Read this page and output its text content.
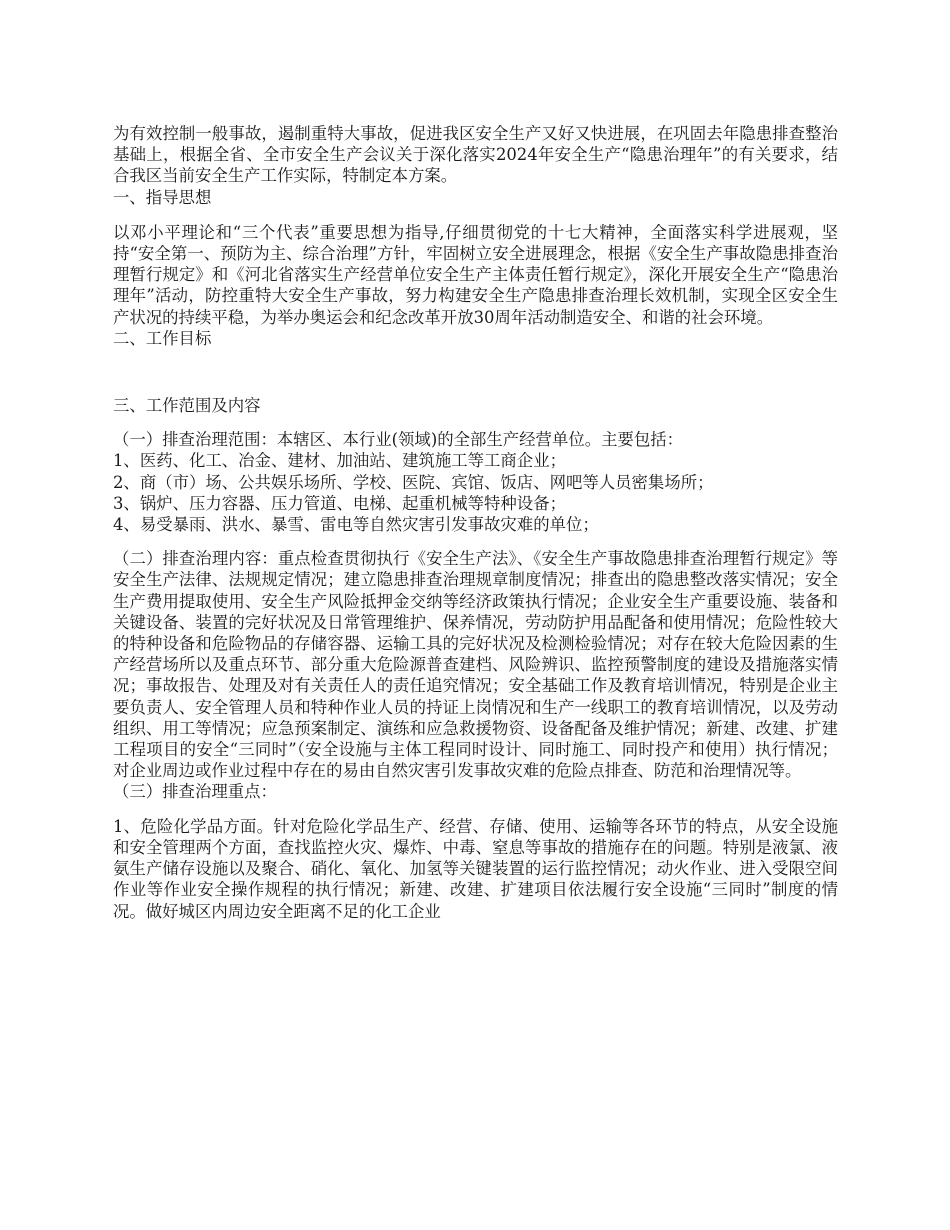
为有效控制一般事故，遏制重特大事故，促进我区安全生产又好又快进展，在巩固去年隐患排查整治基础上，根据全省、全市安全生产会议关于深化落实2024年安全生产“隐患治理年”的有关要求，结合我区当前安全生产工作实际，特制定本方案。

一、指导思想

以邓小平理论和“三个代表”重要思想为指导,仔细贯彻党的十七大精神，全面落实科学进展观，坚持“安全第一、预防为主、综合治理”方针，牢固树立安全进展理念，根据《安全生产事故隐患排查治理暂行规定》和《河北省落实生产经营单位安全生产主体责任暂行规定》，深化开展安全生产“隐患治理年”活动，防控重特大安全生产事故，努力构建安全生产隐患排查治理长效机制，实现全区安全生产状况的持续平稳，为举办奥运会和纪念改革开放30周年活动制造安全、和谐的社会环境。

二、工作目标

三、工作范围及内容

（一）排查治理范围：本辖区、本行业(领域)的全部生产经营单位。主要包括：

1、医药、化工、冶金、建材、加油站、建筑施工等工商企业；

2、商（市）场、公共娱乐场所、学校、医院、宾馆、饭店、网吧等人员密集场所；

3、锅炉、压力容器、压力管道、电梯、起重机械等特种设备；

4、易受暴雨、洪水、暴雪、雷电等自然灾害引发事故灾难的单位；

（二）排查治理内容：重点检查贯彻执行《安全生产法》、《安全生产事故隐患排查治理暂行规定》等安全生产法律、法规规定情况；建立隐患排查治理规章制度情况；排查出的隐患整改落实情况；安全生产费用提取使用、安全生产风险抵押金交纳等经济政策执行情况；企业安全生产重要设施、装备和关键设备、装置的完好状况及日常管理维护、保养情况，劳动防护用品配备和使用情况；危险性较大的特种设备和危险物品的存储容器、运输工具的完好状况及检测检验情况；对存在较大危险因素的生产经营场所以及重点环节、部分重大危险源普查建档、风险辨识、监控预警制度的建设及措施落实情况；事故报告、处理及对有关责任人的责任追究情况；安全基础工作及教育培训情况，特别是企业主要负责人、安全管理人员和特种作业人员的持证上岗情况和生产一线职工的教育培训情况，以及劳动组织、用工等情况；应急预案制定、演练和应急救援物资、设备配备及维护情况；新建、改建、扩建工程项目的安全“三同时”（安全设施与主体工程同时设计、同时施工、同时投产和使用）执行情况；对企业周边或作业过程中存在的易由自然灾害引发事故灾难的危险点排查、防范和治理情况等。

（三）排查治理重点：

1、危险化学品方面。针对危险化学品生产、经营、存储、使用、运输等各环节的特点，从安全设施和安全管理两个方面，查找监控火灾、爆炸、中毒、窒息等事故的措施存在的问题。特别是液氯、液氨生产储存设施以及聚合、硝化、氧化、加氢等关键装置的运行监控情况；动火作业、进入受限空间作业等作业安全操作规程的执行情况；新建、改建、扩建项目依法履行安全设施“三同时”制度的情况。做好城区内周边安全距离不足的化工企业
